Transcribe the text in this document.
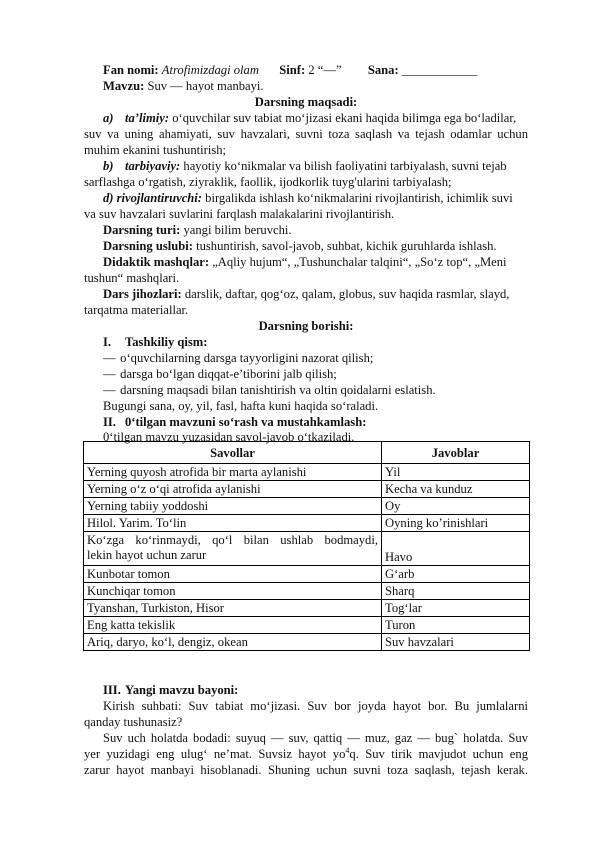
Fan nomi: Atrofimizdagi olam Sinf: 2 “—” Sana: ____________
Mavzu: Suv — hayot manbayi.
Darsning maqsadi:
a) ta’limiy: o‘quvchilar suv tabiat mo‘jizasi ekani haqida bilimga ega bo‘ladilar,
suv va uning ahamiyati, suv havzalari, suvni toza saqlash va tejash odamlar uchun
muhim ekanini tushuntirish;
b) tarbiyaviy: hayotiy ko‘nikmalar va bilish faoliyatini tarbiyalash, suvni tejab
sarflashga o‘rgatish, ziyraklik, faollik, ijodkorlik tuyg'ularini tarbiyalash;
d) rivojlantiruvchi: birgalikda ishlash ko‘nikmalarini rivojlantirish, ichimlik suvi
va suv havzalari suvlarini farqlash malakalarini rivojlantirish.
Darsning turi: yangi bilim beruvchi.
Darsning uslubi: tushuntirish, savol-javob, suhbat, kichik guruhlarda ishlash.
Didaktik mashqlar: „Aqliy hujum“, „Tushunchalar talqini“, „So‘z top“, „Meni
tushun“ mashqlari.
Dars jihozlari: darslik, daftar, qog‘oz, qalam, globus, suv haqida rasmlar, slayd,
tarqatma materiallar.
Darsning borishi:
I. Tashkiliy qism:
— o‘quvchilarning darsga tayyorligini nazorat qilish;
— darsga bo‘lgan diqqat-e’tiborini jalb qilish;
— darsning maqsadi bilan tanishtirish va oltin qoidalarni eslatish.
Bugungi sana, oy, yil, fasl, hafta kuni haqida so‘raladi.
II. 0‘tilgan mavzuni so‘rash va mustahkamlash:
0‘tilgan mavzu yuzasidan savol-javob o‘tkaziladi.
Savollar	Javoblar
Yerning quyosh atrofida bir marta aylanishi	Yil
Yerning o‘z o‘qi atrofida aylanishi	Kecha va kunduz
Yerning tabiiy yoddoshi	Oy
Hilol. Yarim. To‘lin	Oyning ko’rinishlari

Ko‘zga ko‘rinmaydi, qo‘l bilan ushlab bodmaydi,
lekin hayot uchun zarur	Havo
Kunbotar tomon	G‘arb
Kunchiqar tomon	Sharq
Tyanshan, Turkiston, Hisor	Tog‘lar
Eng katta tekislik	Turon
Ariq, daryo, ko‘l, dengiz, okean	Suv havzalari
III. Yangi mavzu bayoni:
Kirish suhbati: Suv tabiat mo‘jizasi. Suv bor joyda hayot bor. Bu jumlalarni
qanday tushunasiz?
Suv uch holatda bodadi: suyuq — suv, qattiq — muz, gaz — bug` holatda. Suv
yer yuzidagi eng ulug‘ ne’mat. Suvsiz hayot $yo^4q$. Suv tirik mavjudot uchun eng
zarur hayot manbayi hisoblanadi. Shuning uchun suvni toza saqlash, tejash kerak.
